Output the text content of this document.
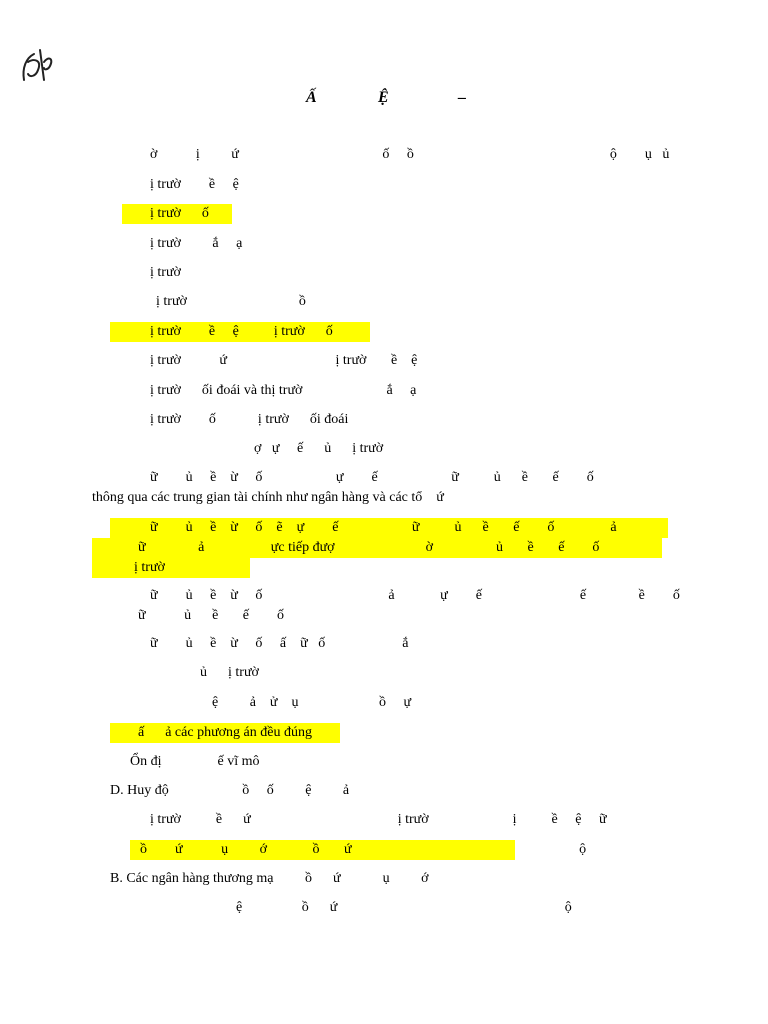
Ấ	Ệ	–
ờ           ị         ứ                                         ố     ồ                                                        ộ        ụ   ủ
ị trườ        ề     ệ
ị trườ      ố
ị trườ         ắ     ạ
ị trườ
ị trườ                                ồ
ị trườ        ề     ệ          ị trườ      ố
ị trườ           ứ                               ị trườ       ề    ệ
ị trườ      ối đoái và thị trườ                        ắ     ạ
ị trườ        ố            ị trườ      ối đoái
ợ   ự     ế      ủ      ị trườ
ữ        ủ     ề    ừ     ố                     ự        ế                     ữ          ủ      ề       ế        ố
thông qua các trung gian tài chính như ngân hàng và các tổ    ứ
ữ        ủ     ề    ừ     ố    ẽ    ự        ế                     ữ          ủ      ề       ế        ố                ả
ữ               ả                   ực tiếp đượ                          ờ                  ủ       ề       ế        ố
ị trườ
ữ        ủ     ề    ừ     ố                                    ả             ự        ế                            ế               ề        ố
ữ           ủ      ề       ế        ố
ữ        ủ     ề    ừ     ố     ấ    ữ   ố                      ắ
ủ      ị trườ
ệ         ả    ử    ụ                       ồ     ự
ấ      ả các phương án đều đúng
Ổn đị                ế vĩ mô
D. Huy độ                     ồ     ố         ệ         ả
ị trườ          ề      ứ                                          ị trườ                        ị          ề     ệ     ữ
ồ        ứ           ụ         ớ             ồ       ứ                                                                 ộ
B. Các ngân hàng thương mạ         ồ      ứ            ụ         ớ
ệ                 ồ      ứ                                                                 ộ
